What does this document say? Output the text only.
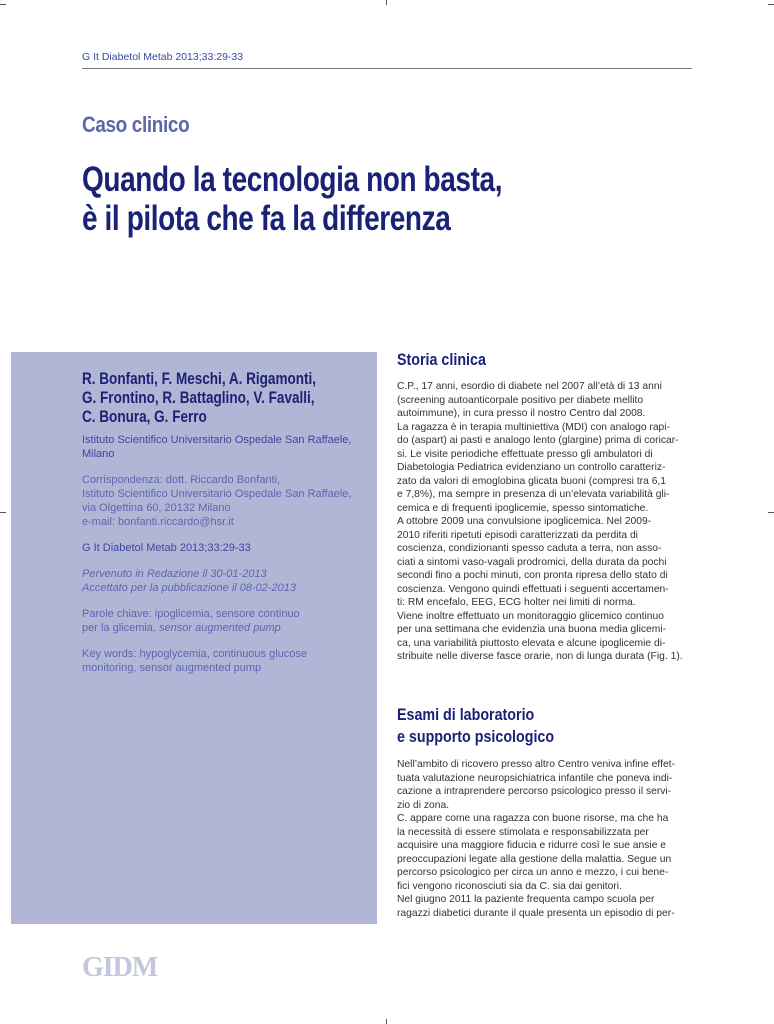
G It Diabetol Metab 2013;33:29-33
Caso clinico
Quando la tecnologia non basta,
è il pilota che fa la differenza
R. Bonfanti, F. Meschi, A. Rigamonti,
G. Frontino, R. Battaglino, V. Favalli,
C. Bonura, G. Ferro
Istituto Scientifico Universitario Ospedale San Raffaele,
Milano
Corrispondenza: dott. Riccardo Bonfanti,
Istituto Scientifico Universitario Ospedale San Raffaele,
via Olgettina 60, 20132 Milano
e-mail: bonfanti.riccardo@hsr.it
G It Diabetol Metab 2013;33:29-33
Pervenuto in Redazione il 30-01-2013
Accettato per la pubblicazione il 08-02-2013
Parole chiave: ipoglicemia, sensore continuo
per la glicemia, sensor augmented pump
Key words: hypoglycemia, continuous glucose
monitoring, sensor augmented pump
Storia clinica
C.P., 17 anni, esordio di diabete nel 2007 all’età di 13 anni
(screening autoanticorpale positivo per diabete mellito
autoimmune), in cura presso il nostro Centro dal 2008.
La ragazza è in terapia multiniettiva (MDI) con analogo rapi-
do (aspart) ai pasti e analogo lento (glargine) prima di coricar-
si. Le visite periodiche effettuate presso gli ambulatori di
Diabetologia Pediatrica evidenziano un controllo caratteriz-
zato da valori di emoglobina glicata buoni (compresi tra 6,1
e 7,8%), ma sempre in presenza di un’elevata variabilità gli-
cemica e di frequenti ipoglicemie, spesso sintomatiche.
A ottobre 2009 una convulsione ipoglicemica. Nel 2009-
2010 riferiti ripetuti episodi caratterizzati da perdita di
coscienza, condizionanti spesso caduta a terra, non asso-
ciati a sintomi vaso-vagali prodromici, della durata da pochi
secondi fino a pochi minuti, con pronta ripresa dello stato di
coscienza. Vengono quindi effettuati i seguenti accertamen-
ti: RM encefalo, EEG, ECG holter nei limiti di norma.
Viene inoltre effettuato un monitoraggio glicemico continuo
per una settimana che evidenzia una buona media glicemi-
ca, una variabilità piuttosto elevata e alcune ipoglicemie di-
stribuite nelle diverse fasce orarie, non di lunga durata (Fig. 1).
Esami di laboratorio
e supporto psicologico
Nell’ambito di ricovero presso altro Centro veniva infine effet-
tuata valutazione neuropsichiatrica infantile che poneva indi-
cazione a intraprendere percorso psicologico presso il servi-
zio di zona.
C. appare come una ragazza con buone risorse, ma che ha
la necessità di essere stimolata e responsabilizzata per
acquisire una maggiore fiducia e ridurre così le sue ansie e
preoccupazioni legate alla gestione della malattia. Segue un
percorso psicologico per circa un anno e mezzo, i cui bene-
fici vengono riconosciuti sia da C. sia dai genitori.
Nel giugno 2011 la paziente frequenta campo scuola per
ragazzi diabetici durante il quale presenta un episodio di per-
GIDM
